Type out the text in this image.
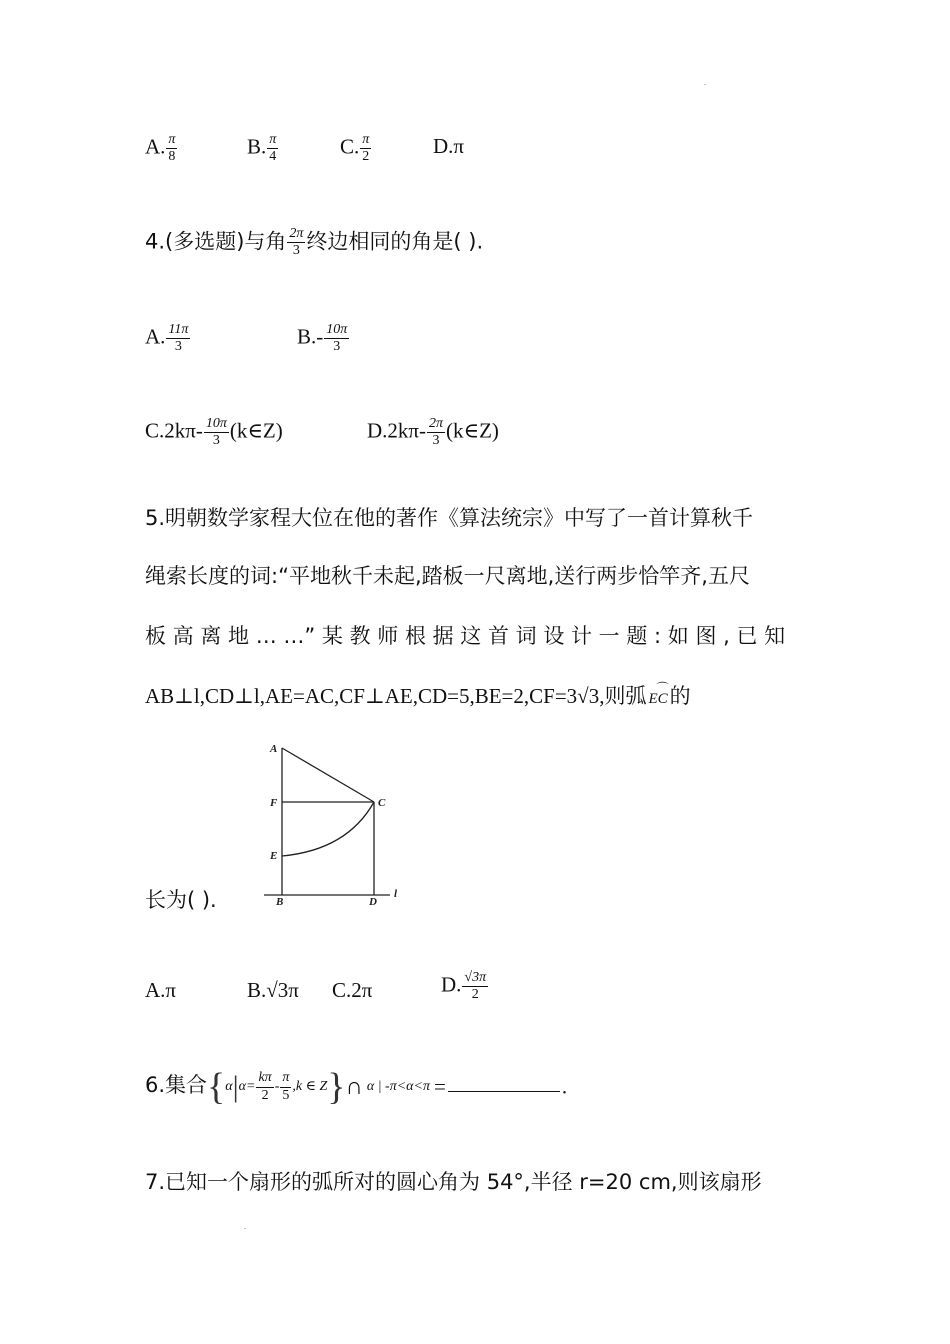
.
.
A. $\frac{\pi}{8}$	B. $\frac{\pi}{4}$	C. $\frac{\pi}{2}$	D.π
4.(多选题)与角 $\frac{2\pi}{3}$ 终边相同的角是( ).
A. $\frac{11\pi}{3}$	$B.- \frac{10\pi}{3}$
$C.2k\pi- \frac{10\pi}{3}$ (k∈Z)	$D.2k\pi- \frac{2\pi}{3}$ (k∈Z)
5.明朝数学家程大位在他的著作《算法统宗》中写了一首计算秋千
绳索长度的词:“平地秋千未起,踏板一尺离地,送行两步恰竿齐,五尺
板 高 离 地 … …” 某 教 师 根 据 这 首 词 设 计 一 题 : 如 图 , 已 知
AB⊥l,CD⊥l,AE=AC,CF⊥AE,CD=5,BE=2,CF=3√3,则弧 ⌒
EC的
A
F	C
E
B	D
l
长为( ).
A.π	B.√3π C.2π	D. $\frac{√3\pi}{2}$
6.集合{$\alpha|\alpha= \frac{k\pi}{2} - \frac{\pi}{5} ,k$ ∈ Z}∩ α | -π<α<π =	.
7.已知一个扇形的弧所对的圆心角为 54°,半径 r=20 cm,则该扇形
